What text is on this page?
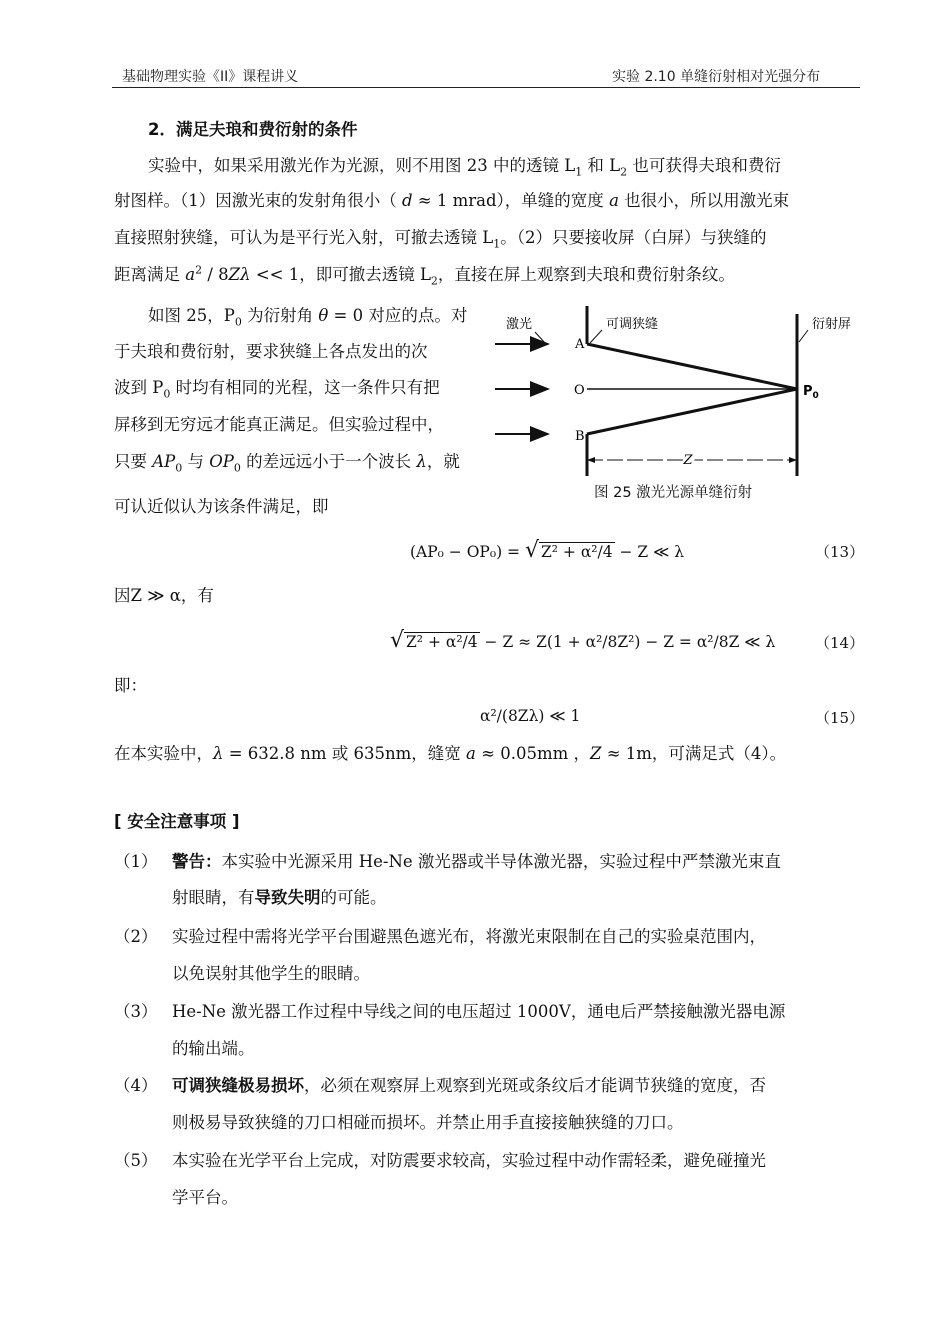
基础物理实验《II》课程讲义	实验 2.10 单缝衍射相对光强分布
2．满足夫琅和费衍射的条件
实验中，如果采用激光作为光源，则不用图 23 中的透镜 $L_1$ 和 $L_2$ 也可获得夫琅和费衍
射图样。（1）因激光束的发射角很小（ d ≈ 1 mrad），单缝的宽度 a 也很小，所以用激光束
直接照射狭缝，可认为是平行光入射，可撤去透镜 $L_1$。（2）只要接收屏（白屏）与狭缝的
距离满足 $a^2 / 8Z\lambda << 1$，即可撤去透镜 $L_2$，直接在屏上观察到夫琅和费衍射条纹。
如图 25，$P_0$ 为衍射角 θ = 0 对应的点。对
于夫琅和费衍射，要求狭缝上各点发出的次
波到 $P_0$ 时均有相同的光程，这一条件只有把
屏移到无穷远才能真正满足。但实验过程中，
只要 $AP_0$ 与 $OP_0$ 的差远远小于一个波长 λ，就
可认近似认为该条件满足，即
激光	可调狭缝	衍射屏
A
O
B
$P_0$
Z
图 25 激光光源单缝衍射
(AP₀ − OP₀) = √ Z² + α²/4 − Z ≪ λ	（13）
因Z ≫ α，有
√ Z² + α²/4 − Z ≈ Z(1 + α²/8Z²) − Z = α²/8Z ≪ λ	（14）
即：
α²/(8Zλ) ≪ 1	（15）
在本实验中，λ = 632.8 nm 或 635nm，缝宽 a ≈ 0.05mm ，Z ≈ 1m，可满足式（4）。
[ 安全注意事项 ]
（1） 警告：本实验中光源采用 He-Ne 激光器或半导体激光器，实验过程中严禁激光束直
射眼睛，有导致失明的可能。
（2） 实验过程中需将光学平台围避黑色遮光布，将激光束限制在自己的实验桌范围内，
以免误射其他学生的眼睛。
（3） He-Ne 激光器工作过程中导线之间的电压超过 1000V，通电后严禁接触激光器电源
的输出端。
（4） 可调狭缝极易损坏，必须在观察屏上观察到光斑或条纹后才能调节狭缝的宽度，否
则极易导致狭缝的刀口相碰而损坏。并禁止用手直接接触狭缝的刀口。
（5） 本实验在光学平台上完成，对防震要求较高，实验过程中动作需轻柔，避免碰撞光
学平台。
